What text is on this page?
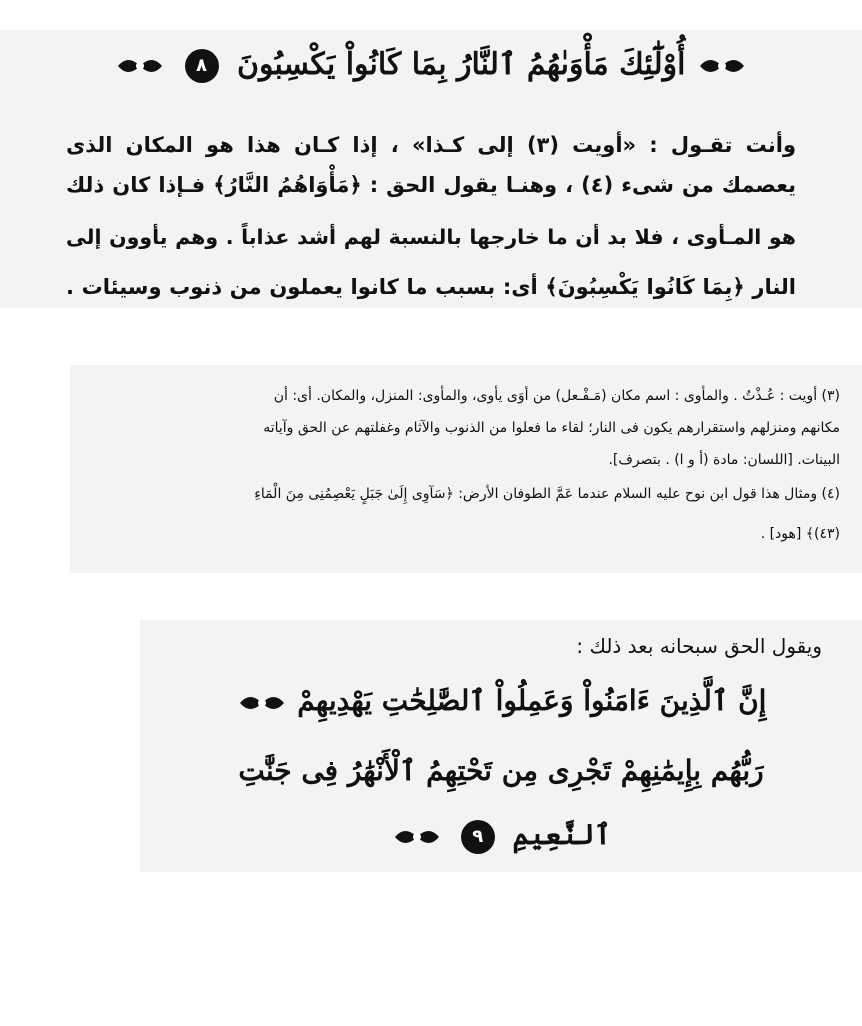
أُوْلَٰٓئِكَ مَأْوَىٰهُمُ ٱلنَّارُ بِمَا كَانُواْ يَكْسِبُونَ ٨
وأنت تقـول : «أويت (٣) إلى كـذا» ، إذا كـان هذا هو المكان الذى
يعصمك من شىء (٤) ، وهنـا يقول الحق : ﴿مَأْوَاهُمُ النَّارُ﴾ فـإذا كان ذلك
هو المـأوى ، فلا بد أن ما خارجها بالنسبة لهم أشد عذاباً . وهم يأوون إلى
النار ﴿بِمَا كَانُوا يَكْسِبُونَ﴾ أى: بسبب ما كانوا يعملون من ذنوب وسيئات .
(٣) أويت : عُـذْتُ . والمأوى : اسم مكان (مَـفْـعل) من أوَى يأوى، والمأوى: المنزل، والمكان. أى: أن
مكانهم ومنزلهم واستقرارهم يكون فى النار؛ لقاء ما فعلوا من الذنوب والآثام وغفلتهم عن الحق وآياته
البينات. [اللسان: مادة (أ و ا) . بتصرف].
(٤) ومثال هذا قول ابن نوح عليه السلام عندما عَمَّ الطوفان الأرض: ﴿سَآوِى إِلَىٰ جَبَلٍ يَعْصِمُنِى مِنَ الْمَاءِ
(٤٣)﴾ [هود] .
ويقول الحق سبحانه بعد ذلك :
إِنَّ ٱلَّذِينَ ءَامَنُواْ وَعَمِلُواْ ٱلصَّٰلِحَٰتِ يَهْدِيهِمْ
رَبُّهُم بِإِيمَٰنِهِمْ تَجْرِى مِن تَحْتِهِمُ ٱلْأَنْهَٰرُ فِى جَنَّٰتِ
ٱلنَّعِيمِ ٩
